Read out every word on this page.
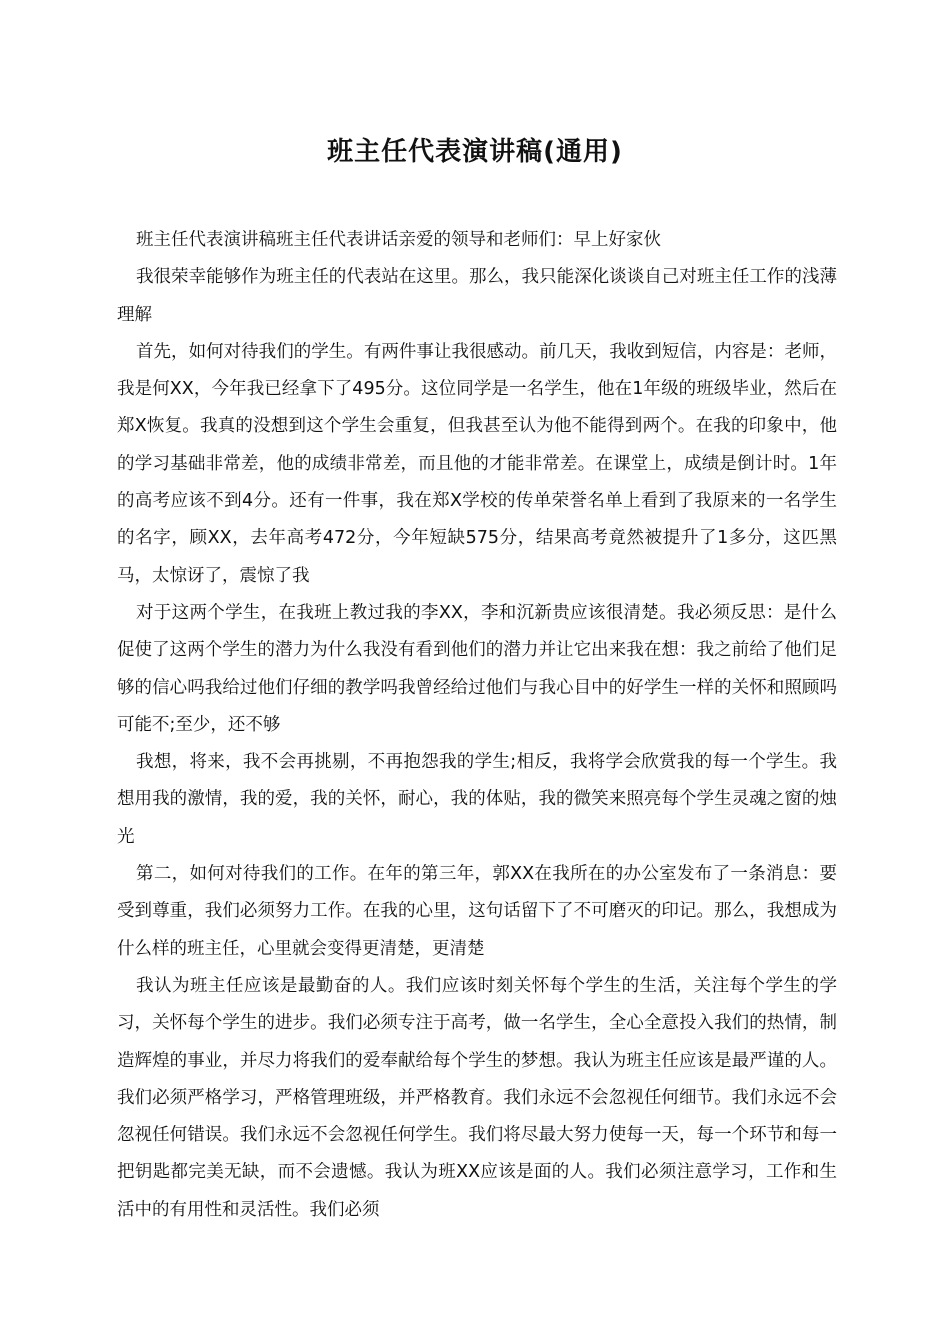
班主任代表演讲稿(通用)

班主任代表演讲稿班主任代表讲话亲爱的领导和老师们：早上好家伙

我很荣幸能够作为班主任的代表站在这里。那么，我只能深化谈谈自己对班主任工作的浅薄理解

首先，如何对待我们的学生。有两件事让我很感动。前几天，我收到短信，内容是：老师，我是何XX，今年我已经拿下了495分。这位同学是一名学生，他在1年级的班级毕业，然后在郑X恢复。我真的没想到这个学生会重复，但我甚至认为他不能得到两个。在我的印象中，他的学习基础非常差，他的成绩非常差，而且他的才能非常差。在课堂上，成绩是倒计时。1年的高考应该不到4分。还有一件事，我在郑X学校的传单荣誉名单上看到了我原来的一名学生的名字，顾XX，去年高考472分，今年短缺575分，结果高考竟然被提升了1多分，这匹黑马，太惊讶了，震惊了我

对于这两个学生，在我班上教过我的李XX，李和沉新贵应该很清楚。我必须反思：是什么促使了这两个学生的潜力为什么我没有看到他们的潜力并让它出来我在想：我之前给了他们足够的信心吗我给过他们仔细的教学吗我曾经给过他们与我心目中的好学生一样的关怀和照顾吗可能不;至少，还不够

我想，将来，我不会再挑剔，不再抱怨我的学生;相反，我将学会欣赏我的每一个学生。我想用我的激情，我的爱，我的关怀，耐心，我的体贴，我的微笑来照亮每个学生灵魂之窗的烛光

第二，如何对待我们的工作。在年的第三年，郭XX在我所在的办公室发布了一条消息：要受到尊重，我们必须努力工作。在我的心里，这句话留下了不可磨灭的印记。那么，我想成为什么样的班主任，心里就会变得更清楚，更清楚

我认为班主任应该是最勤奋的人。我们应该时刻关怀每个学生的生活，关注每个学生的学习，关怀每个学生的进步。我们必须专注于高考，做一名学生，全心全意投入我们的热情，制造辉煌的事业，并尽力将我们的爱奉献给每个学生的梦想。我认为班主任应该是最严谨的人。我们必须严格学习，严格管理班级，并严格教育。我们永远不会忽视任何细节。我们永远不会忽视任何错误。我们永远不会忽视任何学生。我们将尽最大努力使每一天，每一个环节和每一把钥匙都完美无缺，而不会遗憾。我认为班XX应该是面的人。我们必须注意学习，工作和生活中的有用性和灵活性。我们必须
